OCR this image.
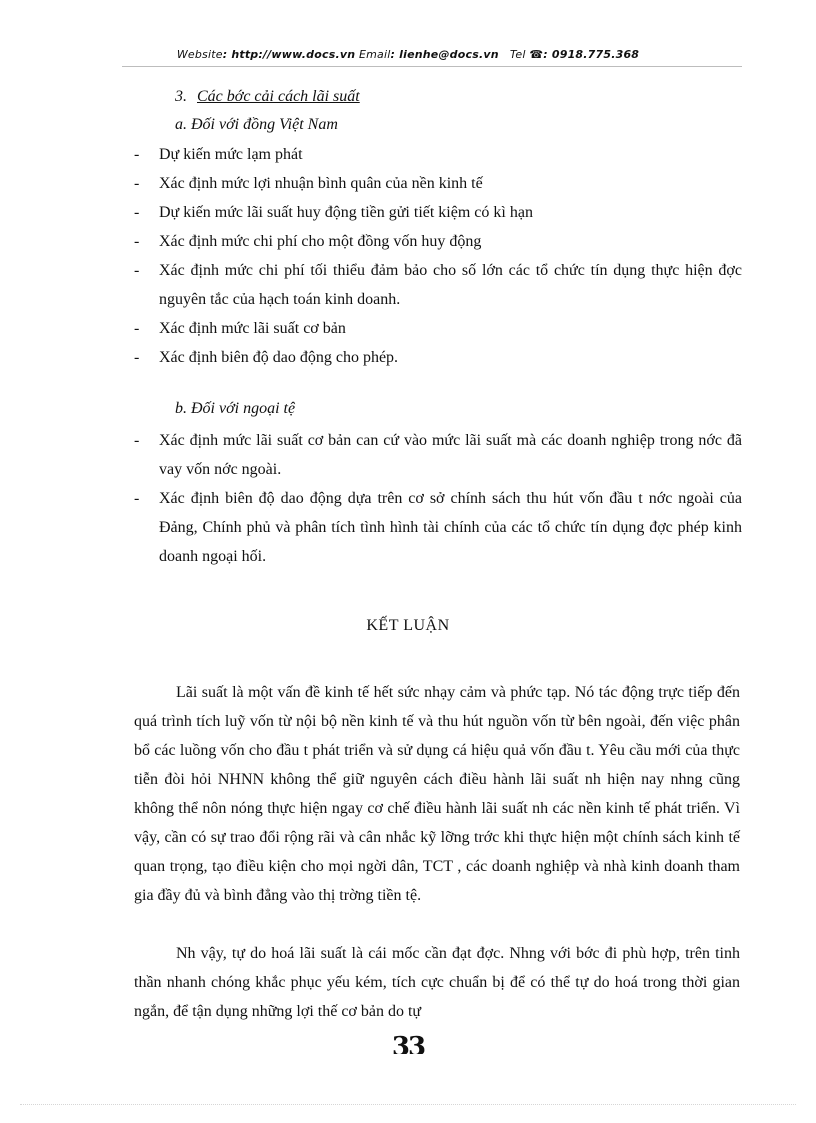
Website: http://www.docs.vn Email: lienhe@docs.vn Tel ☎: 0918.775.368
3. Các bớc cải cách lãi suất
a. Đối với đồng Việt Nam
- Dự kiến mức lạm phát

- Xác định mức lợi nhuận bình quân của nền kinh tế

- Dự kiến mức lãi suất huy động tiền gửi tiết kiệm có kì hạn

- Xác định mức chi phí cho một đồng vốn huy động

- Xác định mức chi phí tối thiểu đảm bảo cho số lớn các tổ chức tín dụng thực hiện đợc nguyên tắc của hạch toán kinh doanh.

- Xác định mức lãi suất cơ bản

- Xác định biên độ dao động cho phép.

b. Đối với ngoại tệ
- Xác định mức lãi suất cơ bản can cứ vào mức lãi suất mà các doanh nghiệp trong nớc đã vay vốn nớc ngoài.

- Xác định biên độ dao động dựa trên cơ sở chính sách thu hút vốn đầu t nớc ngoài của Đảng, Chính phủ và phân tích tình hình tài chính của các tổ chức tín dụng đợc phép kinh doanh ngoại hối.

KẾT LUẬN

Lãi suất là một vấn đề kinh tế hết sức nhạy cảm và phức tạp. Nó tác động trực tiếp đến quá trình tích luỹ vốn từ nội bộ nền kinh tế và thu hút nguồn vốn từ bên ngoài, đến việc phân bổ các luồng vốn cho đầu t phát triển và sử dụng cá hiệu quả vốn đầu t. Yêu cầu mới của thực tiễn đòi hỏi NHNN không thể giữ nguyên cách điều hành lãi suất nh hiện nay nhng cũng không thể nôn nóng thực hiện ngay cơ chế điều hành lãi suất nh các nền kinh tế phát triển. Vì vậy, cần có sự trao đổi rộng rãi và cân nhắc kỹ lỡng trớc khi thực hiện một chính sách kinh tế quan trọng, tạo điều kiện cho mọi ngời dân, TCT , các doanh nghiệp và nhà kinh doanh tham gia đầy đủ và bình đẳng vào thị trờng tiền tệ.

Nh vậy, tự do hoá lãi suất là cái mốc cần đạt đợc. Nhng với bớc đi phù hợp, trên tinh thần nhanh chóng khắc phục yếu kém, tích cực chuẩn bị để có thể tự do hoá trong thời gian ngắn, để tận dụng những lợi thế cơ bản do tự

33
